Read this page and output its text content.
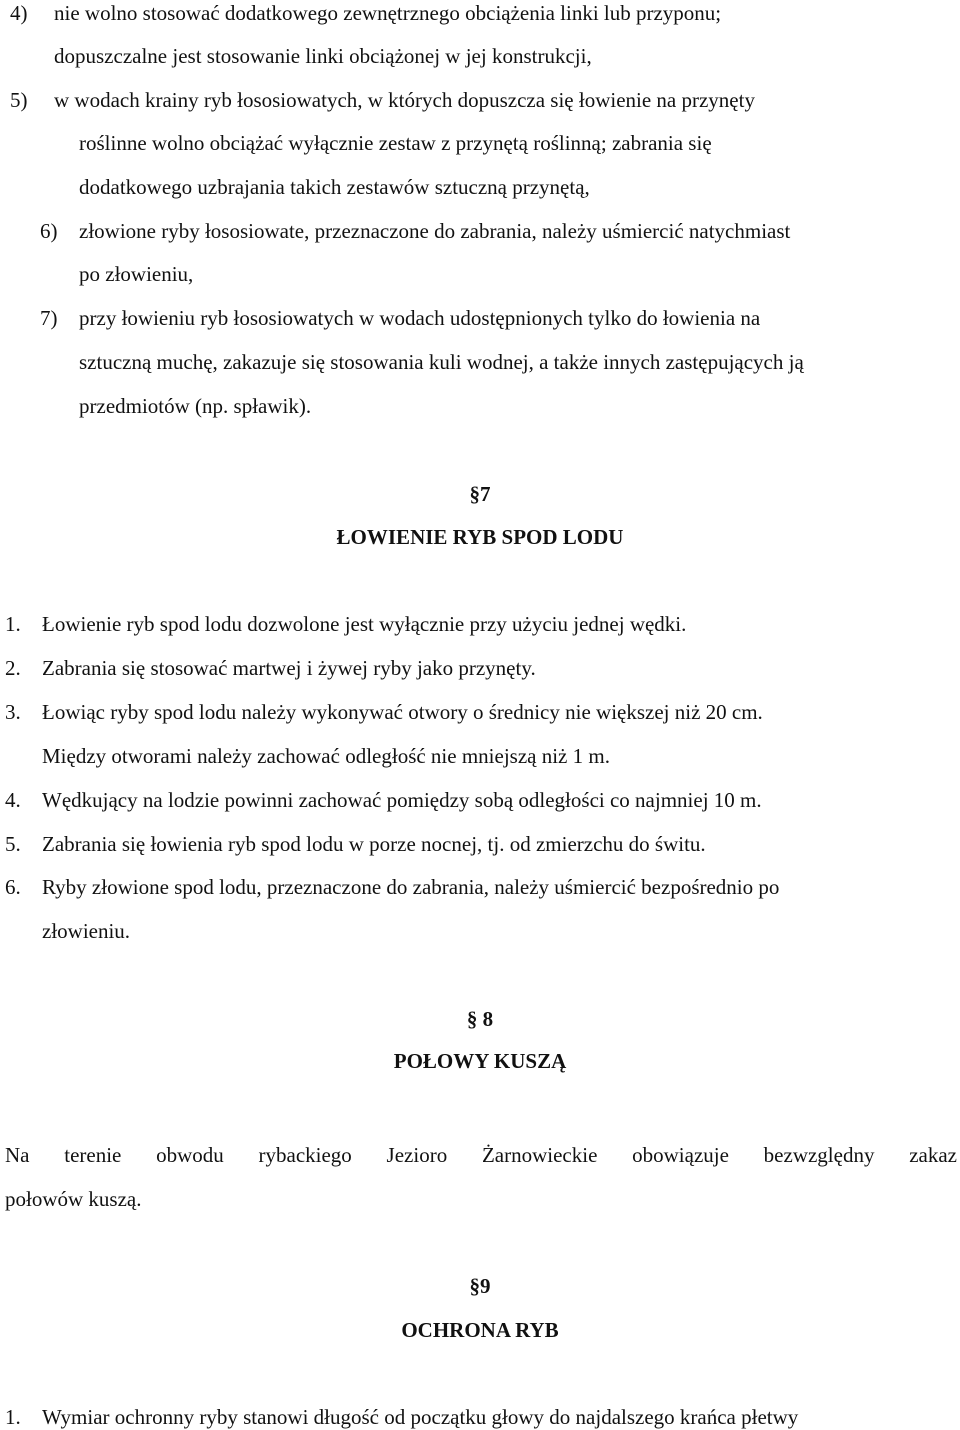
4) nie wolno stosować dodatkowego zewnętrznego obciążenia linki lub przyponu;
dopuszczalne jest stosowanie linki obciążonej w jej konstrukcji,
5) w wodach krainy ryb łososiowatych, w których dopuszcza się łowienie na przynęty
roślinne wolno obciążać wyłącznie zestaw z przynętą roślinną; zabrania się
dodatkowego uzbrajania takich zestawów sztuczną przynętą,
6) złowione ryby łososiowate, przeznaczone do zabrania, należy uśmiercić natychmiast
po złowieniu,
7) przy łowieniu ryb łososiowatych w wodach udostępnionych tylko do łowienia na
sztuczną muchę, zakazuje się stosowania kuli wodnej, a także innych zastępujących ją
przedmiotów (np. spławik).
§7
ŁOWIENIE RYB SPOD LODU
1. Łowienie ryb spod lodu dozwolone jest wyłącznie przy użyciu jednej wędki.
2. Zabrania się stosować martwej i żywej ryby jako przynęty.
3. Łowiąc ryby spod lodu należy wykonywać otwory o średnicy nie większej niż 20 cm.
Między otworami należy zachować odległość nie mniejszą niż 1 m.
4. Wędkujący na lodzie powinni zachować pomiędzy sobą odległości co najmniej 10 m.
5. Zabrania się łowienia ryb spod lodu w porze nocnej, tj. od zmierzchu do świtu.
6. Ryby złowione spod lodu, przeznaczone do zabrania, należy uśmiercić bezpośrednio po
złowieniu.
§ 8
POŁOWY KUSZĄ
Na terenie obwodu rybackiego Jezioro Żarnowieckie obowiązuje bezwzględny zakaz
połowów kuszą.
§9
OCHRONA RYB
1. Wymiar ochronny ryby stanowi długość od początku głowy do najdalszego krańca płetwy
